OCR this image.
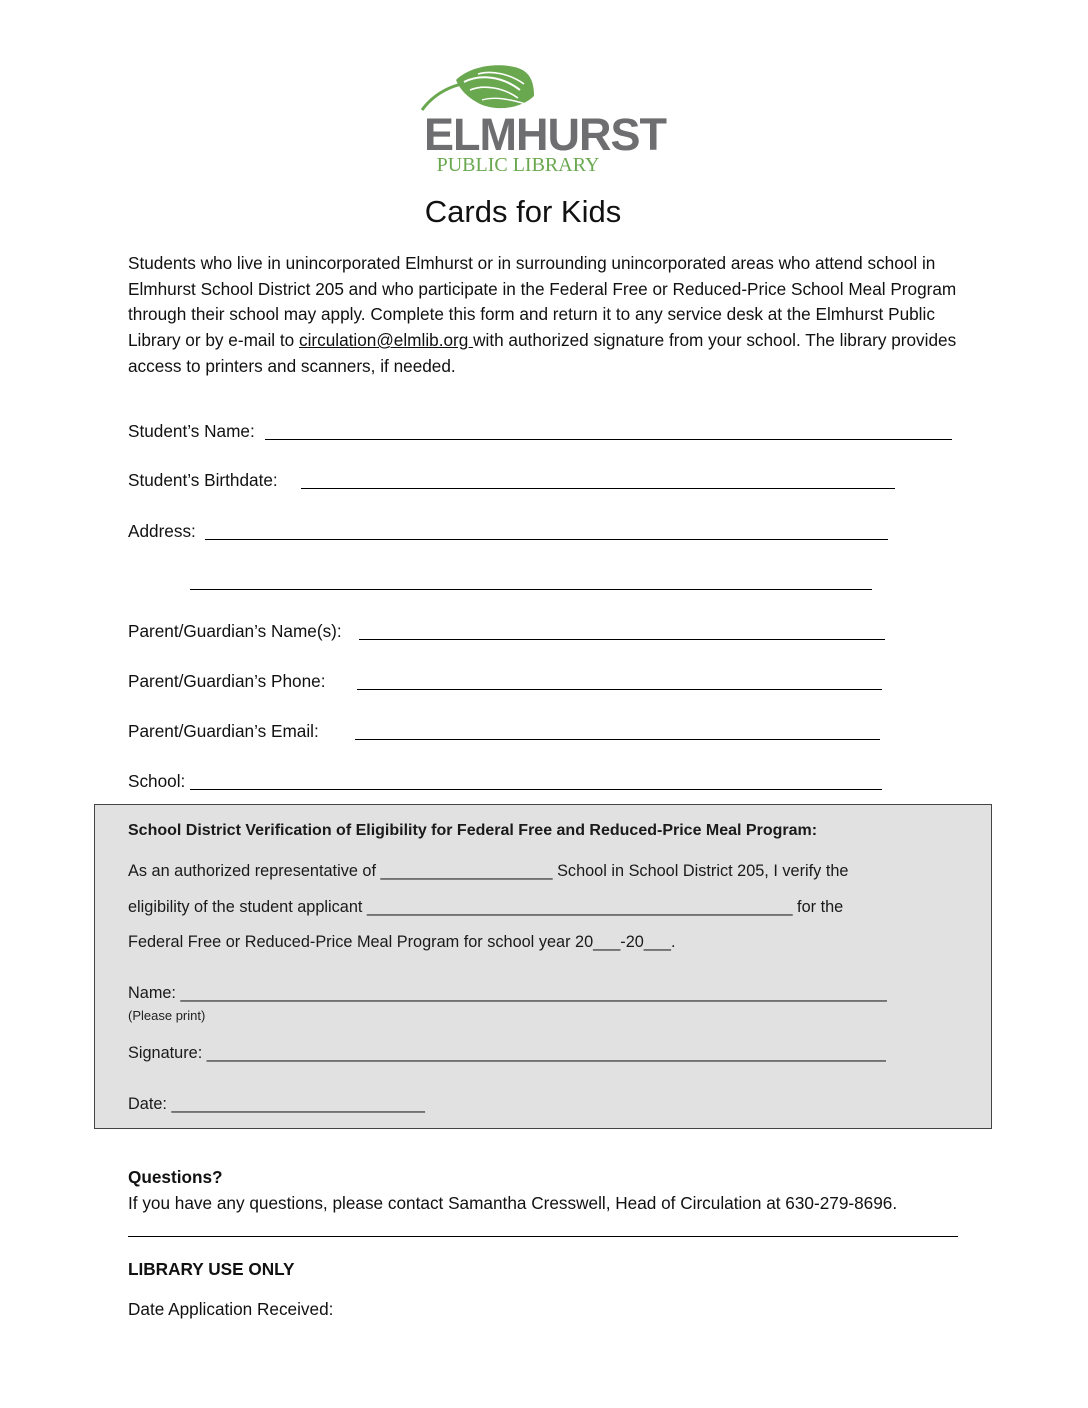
ELMHURST
PUBLIC LIBRARY
Cards for Kids

Students who live in unincorporated Elmhurst or in surrounding unincorporated areas who attend school in Elmhurst School District 205 and who participate in the Federal Free or Reduced-Price School Meal Program through their school may apply. Complete this form and return it to any service desk at the Elmhurst Public Library or by e-mail to circulation@elmlib.org with authorized signature from your school. The library provides access to printers and scanners, if needed.

Student’s Name:
Student’s Birthdate:
Address:
Parent/Guardian’s Name(s):
Parent/Guardian’s Phone:
Parent/Guardian’s Email:
School:
School District Verification of Eligibility for Federal Free and Reduced-Price Meal Program:
As an authorized representative of ___________________ School in School District 205, I verify the
eligibility of the student applicant _______________________________________________ for the
Federal Free or Reduced-Price Meal Program for school year 20___-20___.
Name: ______________________________________________________________________________
(Please print)
Signature: ___________________________________________________________________________
Date: ____________________________
Questions?
If you have any questions, please contact Samantha Cresswell, Head of Circulation at 630-279-8696.
LIBRARY USE ONLY
Date Application Received:
